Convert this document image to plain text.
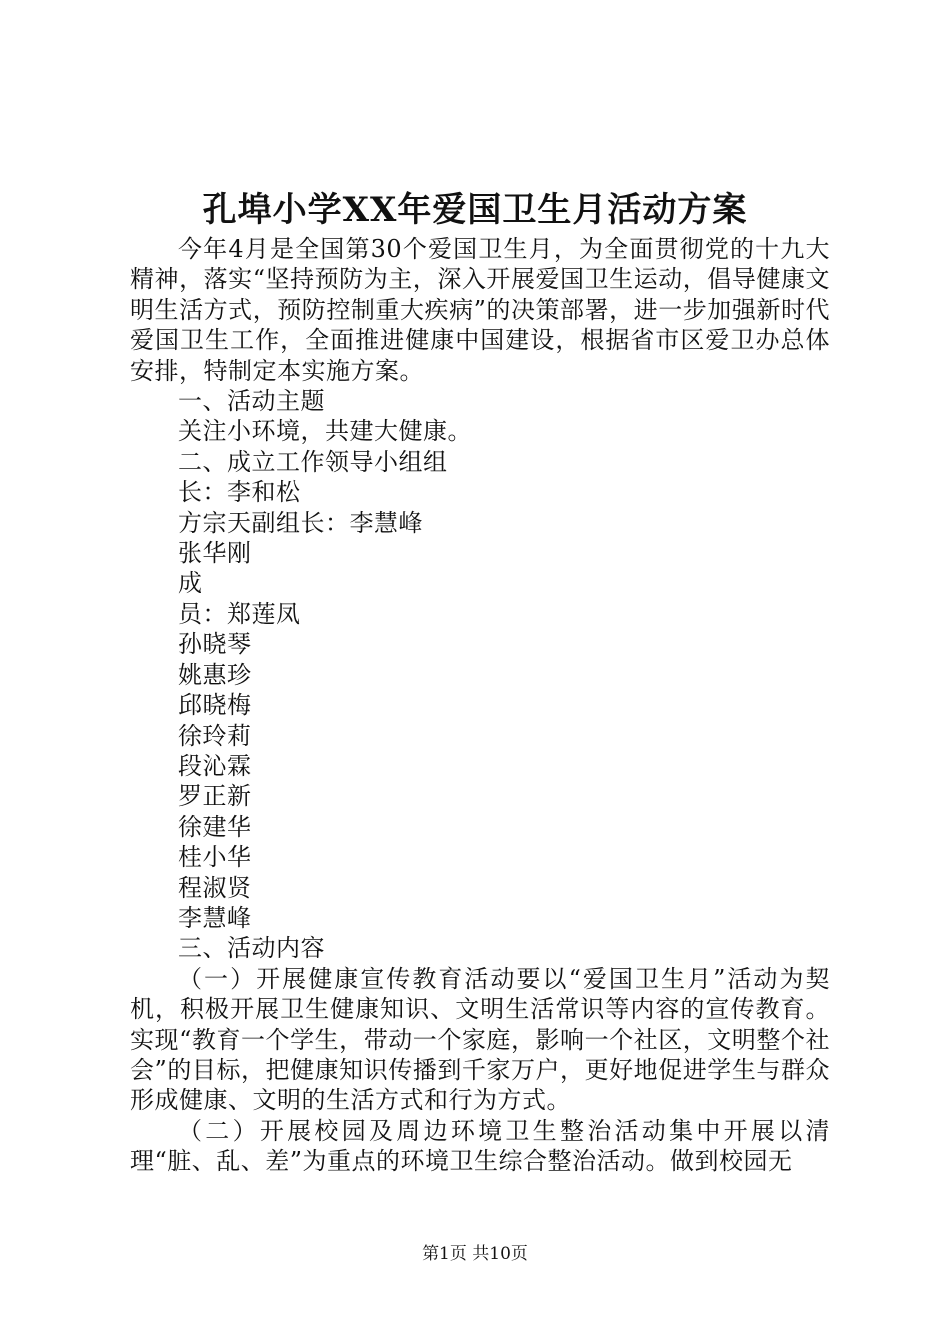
孔埠小学XX年爱国卫生月活动方案

今年4月是全国第30个爱国卫生月，为全面贯彻党的十九大精神，落实“坚持预防为主，深入开展爱国卫生运动，倡导健康文明生活方式，预防控制重大疾病”的决策部署，进一步加强新时代爱国卫生工作，全面推进健康中国建设，根据省市区爱卫办总体安排，特制定本实施方案。

一、活动主题

关注小环境，共建大健康。

二、成立工作领导小组组

长：李和松

方宗天副组长：李慧峰

张华刚

成

员：郑莲凤

孙晓琴

姚惠珍

邱晓梅

徐玲莉

段沁霖

罗正新

徐建华

桂小华

程淑贤

李慧峰

三、活动内容

（一）开展健康宣传教育活动要以“爱国卫生月”活动为契机，积极开展卫生健康知识、文明生活常识等内容的宣传教育。实现“教育一个学生，带动一个家庭，影响一个社区，文明整个社会”的目标，把健康知识传播到千家万户，更好地促进学生与群众形成健康、文明的生活方式和行为方式。

（二）开展校园及周边环境卫生整治活动集中开展以清理“脏、乱、差”为重点的环境卫生综合整治活动。做到校园无

第1页 共10页
